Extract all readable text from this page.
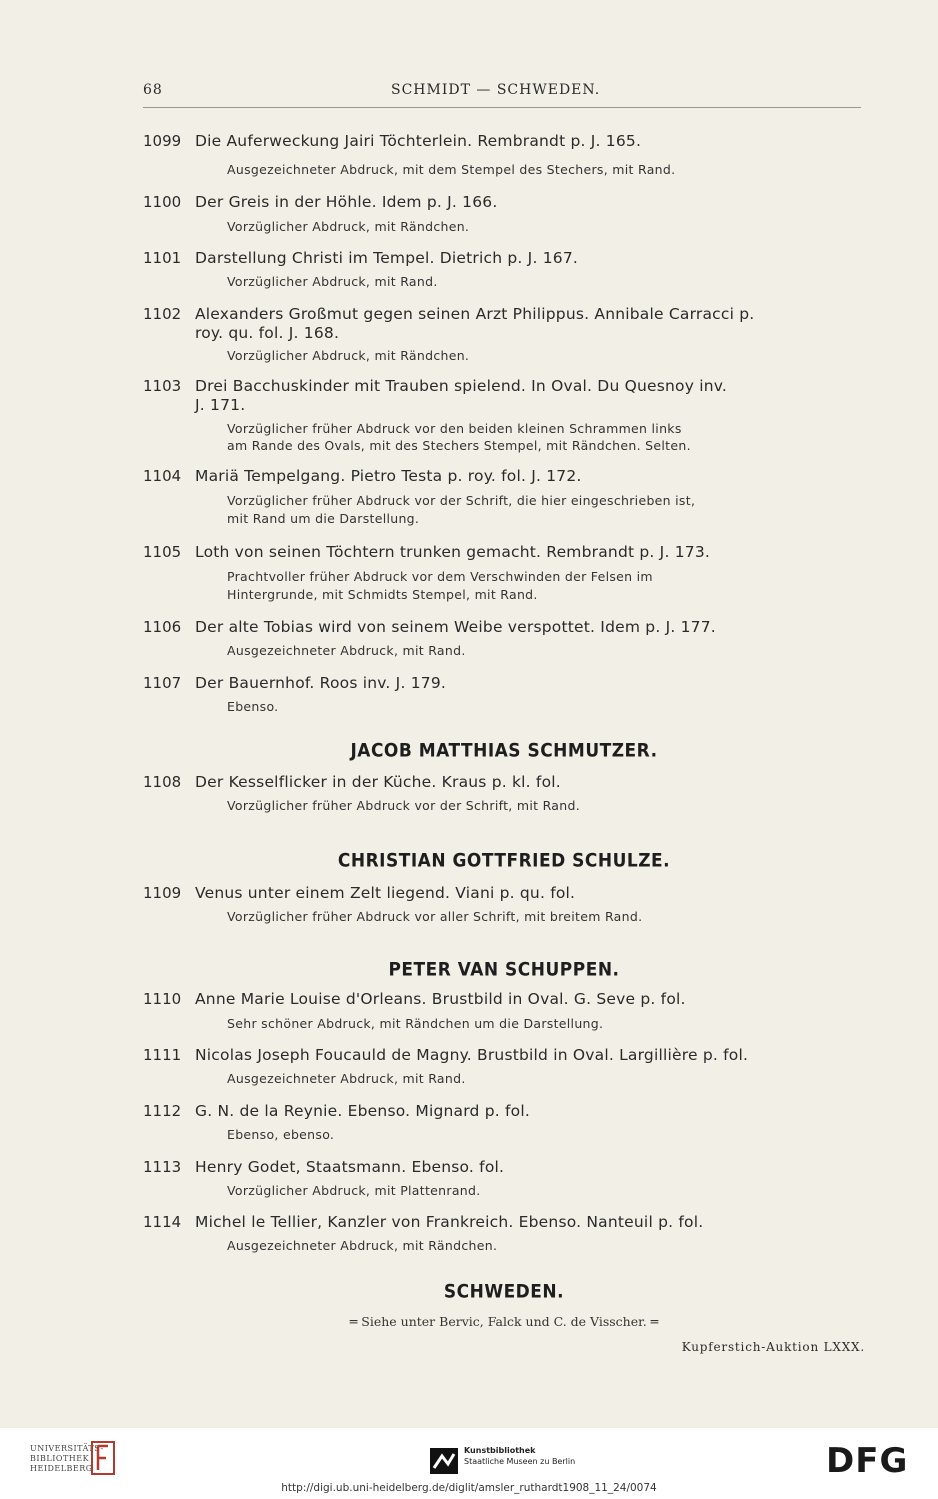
68	SCHMIDT — SCHWEDEN.
1099 Die Auferweckung Jairi Töchterlein. Rembrandt p. J. 165.
Ausgezeichneter Abdruck, mit dem Stempel des Stechers, mit Rand.
1100 Der Greis in der Höhle. Idem p. J. 166.
Vorzüglicher Abdruck, mit Rändchen.
1101 Darstellung Christi im Tempel. Dietrich p. J. 167.
Vorzüglicher Abdruck, mit Rand.
1102 Alexanders Großmut gegen seinen Arzt Philippus. Annibale Carracci p.
roy. qu. fol. J. 168.
Vorzüglicher Abdruck, mit Rändchen.
1103 Drei Bacchuskinder mit Trauben spielend. In Oval. Du Quesnoy inv.
J. 171.
Vorzüglicher früher Abdruck vor den beiden kleinen Schrammen links
am Rande des Ovals, mit des Stechers Stempel, mit Rändchen. Selten.
1104 Mariä Tempelgang. Pietro Testa p. roy. fol. J. 172.
Vorzüglicher früher Abdruck vor der Schrift, die hier eingeschrieben ist,
mit Rand um die Darstellung.
1105 Loth von seinen Töchtern trunken gemacht. Rembrandt p. J. 173.
Prachtvoller früher Abdruck vor dem Verschwinden der Felsen im
Hintergrunde, mit Schmidts Stempel, mit Rand.
1106 Der alte Tobias wird von seinem Weibe verspottet. Idem p. J. 177.
Ausgezeichneter Abdruck, mit Rand.
1107 Der Bauernhof. Roos inv. J. 179.
Ebenso.
JACOB MATTHIAS SCHMUTZER.
1108 Der Kesselflicker in der Küche. Kraus p. kl. fol.
Vorzüglicher früher Abdruck vor der Schrift, mit Rand.
CHRISTIAN GOTTFRIED SCHULZE.
1109 Venus unter einem Zelt liegend. Viani p. qu. fol.
Vorzüglicher früher Abdruck vor aller Schrift, mit breitem Rand.
PETER VAN SCHUPPEN.
1110 Anne Marie Louise d'Orleans. Brustbild in Oval. G. Seve p. fol.
Sehr schöner Abdruck, mit Rändchen um die Darstellung.
1111 Nicolas Joseph Foucauld de Magny. Brustbild in Oval. Largillière p. fol.
Ausgezeichneter Abdruck, mit Rand.
1112 G. N. de la Reynie. Ebenso. Mignard p. fol.
Ebenso, ebenso.
1113 Henry Godet, Staatsmann. Ebenso. fol.
Vorzüglicher Abdruck, mit Plattenrand.
1114 Michel le Tellier, Kanzler von Frankreich. Ebenso. Nanteuil p. fol.
Ausgezeichneter Abdruck, mit Rändchen.
SCHWEDEN.
═ Siehe unter Bervic, Falck und C. de Visscher. ═
Kupferstich-Auktion LXXX.
UNIVERSITÄTS-
BIBLIOTHEK
HEIDELBERG
Kunstbibliothek
Staatliche Museen zu Berlin	DFG
http://digi.ub.uni-heidelberg.de/diglit/amsler_ruthardt1908_11_24/0074
